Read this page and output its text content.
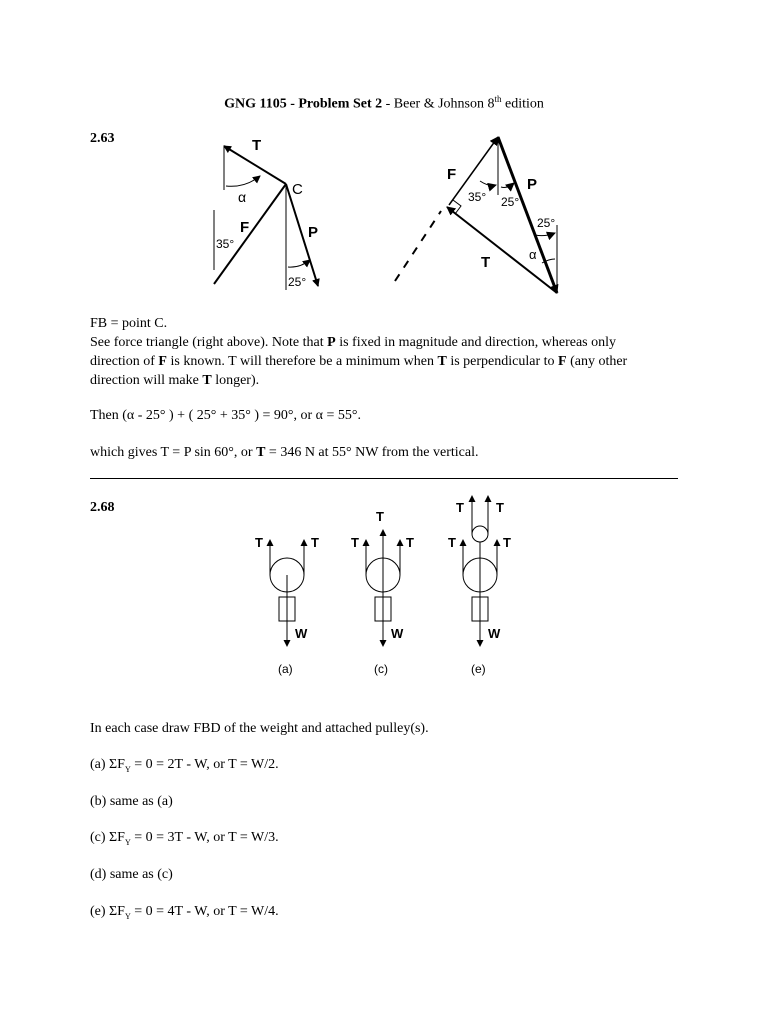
GNG 1105 - Problem Set 2 - Beer & Johnson 8th edition
2.63	T
α	C
F
35°
P
25°
F
35° 25°
P
25°
T	α

FB = point C.

See force triangle (right above). Note that P is fixed in magnitude and direction, whereas only

direction of F is known. T will therefore be a minimum when T is perpendicular to F (any other

direction will make T longer).

Then (α - 25° ) + ( 25° + 35° ) = 90°, or α = 55°.

which gives T = P sin 60°, or T = 346 N at 55° NW from the vertical.

2.68
T	T
W
(a)
T
T
T
W
(c)
T	T
T T
W
(e)

In each case draw FBD of the weight and attached pulley(s).

(a) $\Sigma F_Y = 0 = 2T - W$, or T = W/2.

(b) same as (a)

(c) $\Sigma F_Y = 0 = 3T - W$, or T = W/3.

(d) same as (c)

(e) $\Sigma F_Y = 0 = 4T - W$, or T = W/4.
